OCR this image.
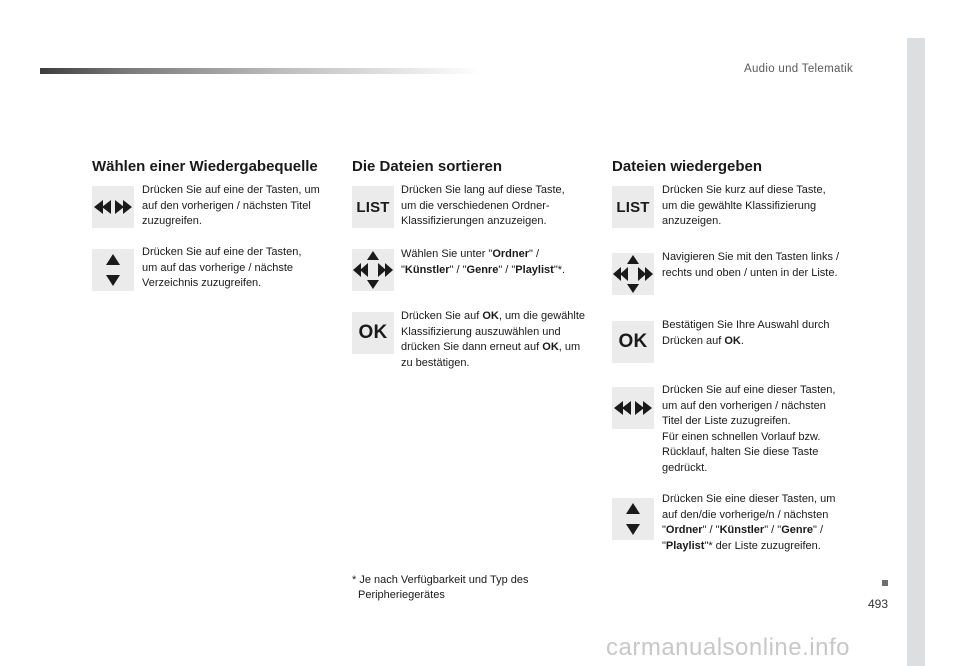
Audio und Telematik
493
Wählen einer Wiedergabequelle
Drücken Sie auf eine der Tasten, um
auf den vorherigen / nächsten Titel
zuzugreifen.
Drücken Sie auf eine der Tasten,
um auf das vorherige / nächste
Verzeichnis zuzugreifen.
Die Dateien sortieren
LIST
Drücken Sie lang auf diese Taste,
um die verschiedenen Ordner-
Klassifizierungen anzuzeigen.
Wählen Sie unter "Ordner" /
"Künstler" / "Genre" / "Playlist"*.
OK
Drücken Sie auf OK, um die gewählte
Klassifizierung auszuwählen und
drücken Sie dann erneut auf OK, um
zu bestätigen.
* Je nach Verfügbarkeit und Typ des
Peripheriegerätes
Dateien wiedergeben
LIST
Drücken Sie kurz auf diese Taste,
um die gewählte Klassifizierung
anzuzeigen.
Navigieren Sie mit den Tasten links /
rechts und oben / unten in der Liste.
OK
Bestätigen Sie Ihre Auswahl durch
Drücken auf OK.
Drücken Sie auf eine dieser Tasten,
um auf den vorherigen / nächsten
Titel der Liste zuzugreifen.
Für einen schnellen Vorlauf bzw.
Rücklauf, halten Sie diese Taste
gedrückt.
Drücken Sie eine dieser Tasten, um
auf den/die vorherige/n / nächsten
"Ordner" / "Künstler" / "Genre" /
"Playlist"* der Liste zuzugreifen.
carmanualsonline.info
